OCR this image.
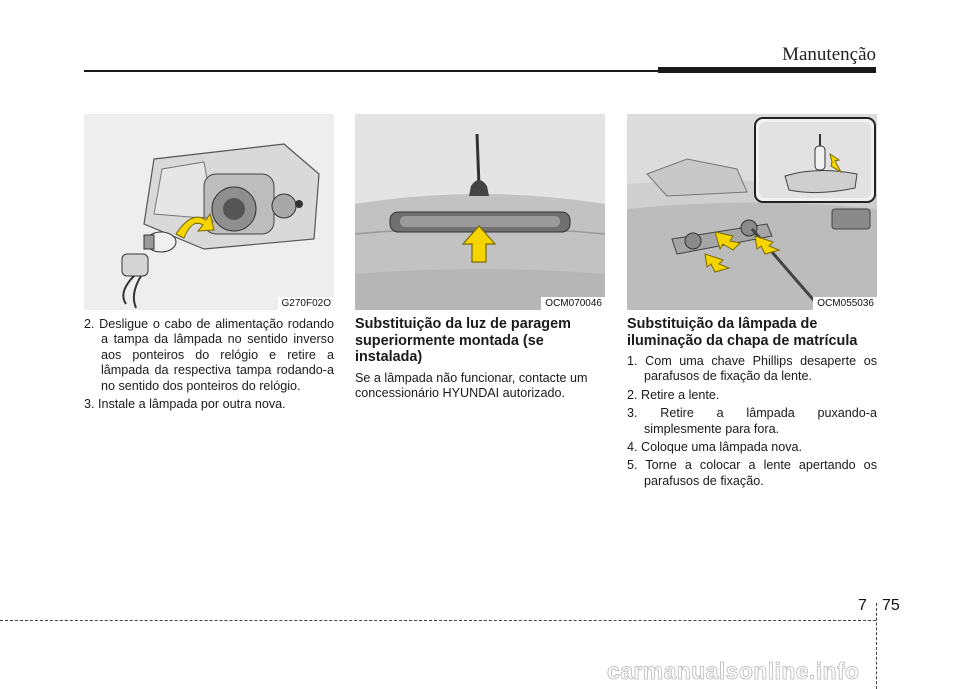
Manutenção
G270F02O	OCM070046	OCM055036

2. Desligue o cabo de alimentação rodando a tampa da lâmpada no sentido inverso aos ponteiros do relógio e retire a lâmpada da respectiva tampa rodando-a no sentido dos ponteiros do relógio.

3. Instale a lâmpada por outra nova.

Substituição da luz de paragem superiormente montada (se instalada)

Se a lâmpada não funcionar, contacte um concessionário HYUNDAI autorizado.

Substituição da lâmpada de iluminação da chapa de matrícula

1. Com uma chave Phillips desaperte os parafusos de fixação da lente.

2. Retire a lente.

3. Retire a lâmpada puxando-a simplesmente para fora.

4. Coloque uma lâmpada nova.

5. Torne a colocar a lente apertando os parafusos de fixação.

7 75
carmanualsonline.info
